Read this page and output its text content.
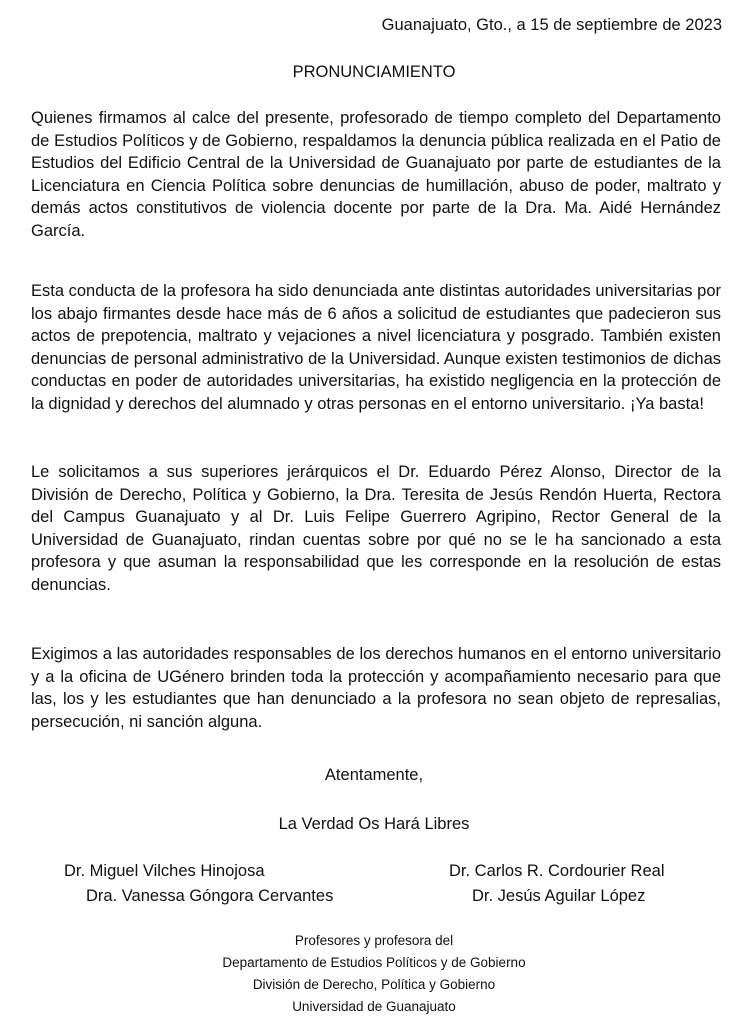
Guanajuato, Gto., a 15 de septiembre de 2023
PRONUNCIAMIENTO

Quienes firmamos al calce del presente, profesorado de tiempo completo del Departamento de Estudios Políticos y de Gobierno, respaldamos la denuncia pública realizada en el Patio de Estudios del Edificio Central de la Universidad de Guanajuato por parte de estudiantes de la Licenciatura en Ciencia Política sobre denuncias de humillación, abuso de poder, maltrato y demás actos constitutivos de violencia docente por parte de la Dra. Ma. Aidé Hernández García.

Esta conducta de la profesora ha sido denunciada ante distintas autoridades universitarias por los abajo firmantes desde hace más de 6 años a solicitud de estudiantes que padecieron sus actos de prepotencia, maltrato y vejaciones a nivel licenciatura y posgrado. También existen denuncias de personal administrativo de la Universidad. Aunque existen testimonios de dichas conductas en poder de autoridades universitarias, ha existido negligencia en la protección de la dignidad y derechos del alumnado y otras personas en el entorno universitario. ¡Ya basta!

Le solicitamos a sus superiores jerárquicos el Dr. Eduardo Pérez Alonso, Director de la División de Derecho, Política y Gobierno, la Dra. Teresita de Jesús Rendón Huerta, Rectora del Campus Guanajuato y al Dr. Luis Felipe Guerrero Agripino, Rector General de la Universidad de Guanajuato, rindan cuentas sobre por qué no se le ha sancionado a esta profesora y que asuman la responsabilidad que les corresponde en la resolución de estas denuncias.

Exigimos a las autoridades responsables de los derechos humanos en el entorno universitario y a la oficina de UGénero brinden toda la protección y acompañamiento necesario para que las, los y les estudiantes que han denunciado a la profesora no sean objeto de represalias, persecución, ni sanción alguna.

Atentamente,
La Verdad Os Hará Libres
Dr. Miguel Vilches Hinojosa
Dra. Vanessa Góngora Cervantes
Dr. Carlos R. Cordourier Real
Dr. Jesús Aguilar López
Profesores y profesora del
Departamento de Estudios Políticos y de Gobierno
División de Derecho, Política y Gobierno
Universidad de Guanajuato
